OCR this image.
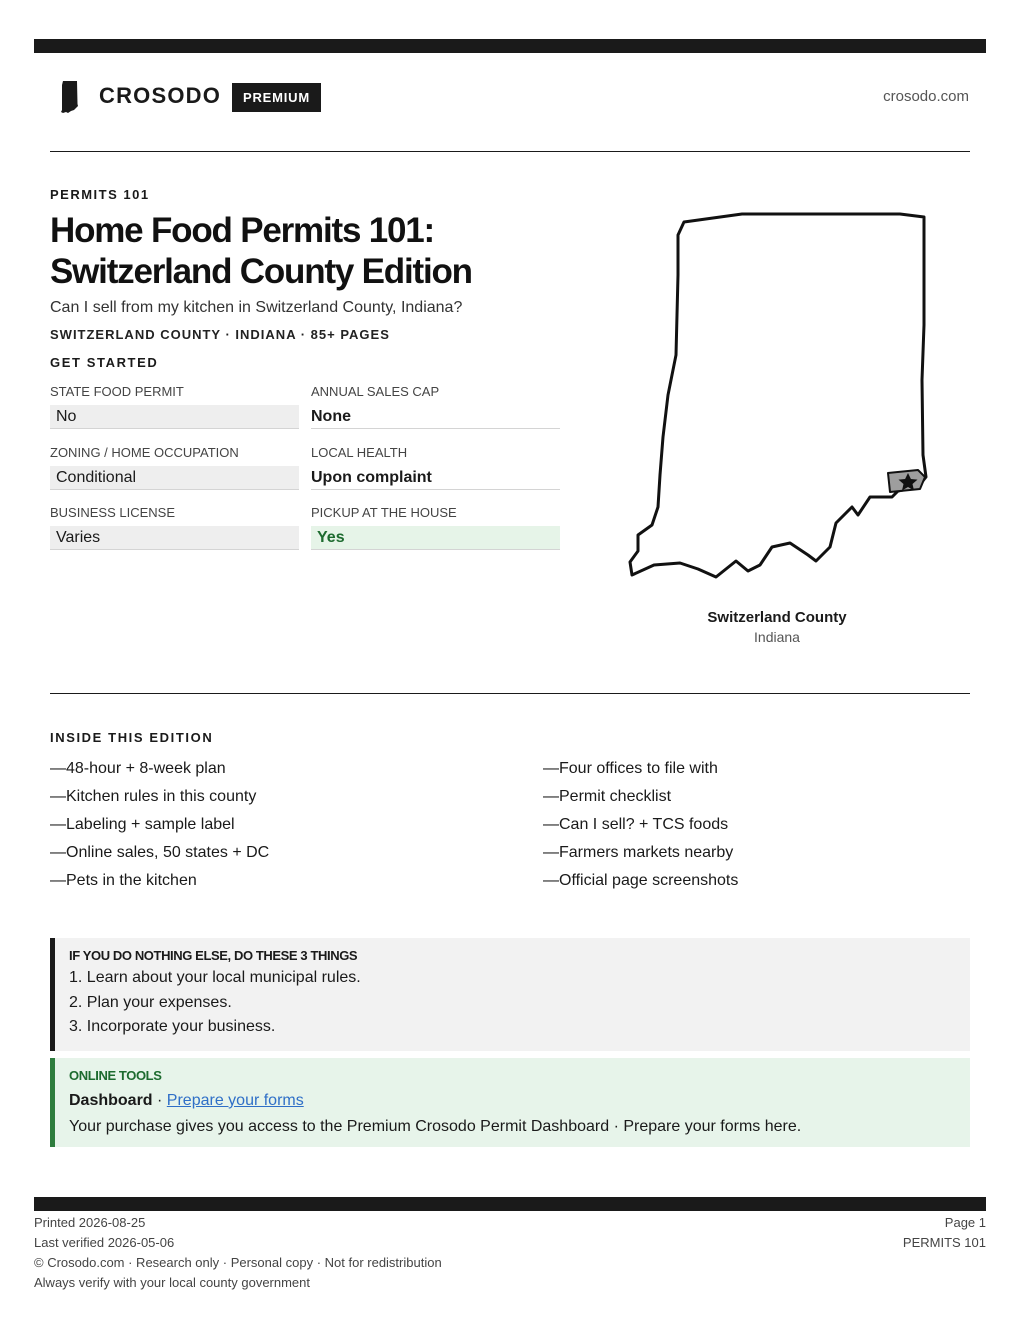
CROSODO	PREMIUM	crosodo.com
PERMITS 101
Home Food Permits 101:
Switzerland County Edition
Can I sell from my kitchen in Switzerland County, Indiana?
SWITZERLAND COUNTY · INDIANA · 85+ PAGES
GET STARTED
STATE FOOD PERMIT
No
ANNUAL SALES CAP
None
ZONING / HOME OCCUPATION
Conditional
LOCAL HEALTH
Upon complaint
BUSINESS LICENSE
Varies
PICKUP AT THE HOUSE
Yes
Switzerland County
Indiana
INSIDE THIS EDITION
—48-hour + 8-week plan
—Kitchen rules in this county
—Labeling + sample label
—Online sales, 50 states + DC
—Pets in the kitchen
—Four offices to file with
—Permit checklist
—Can I sell? + TCS foods
—Farmers markets nearby
—Official page screenshots
IF YOU DO NOTHING ELSE, DO THESE 3 THINGS
1. Learn about your local municipal rules.
2. Plan your expenses.
3. Incorporate your business.
ONLINE TOOLS
Dashboard · Prepare your forms
Your purchase gives you access to the Premium Crosodo Permit Dashboard · Prepare your forms here.
Printed 2026-08-25
Last verified 2026-05-06
© Crosodo.com · Research only · Personal copy · Not for redistribution
Always verify with your local county government
Page 1
PERMITS 101
